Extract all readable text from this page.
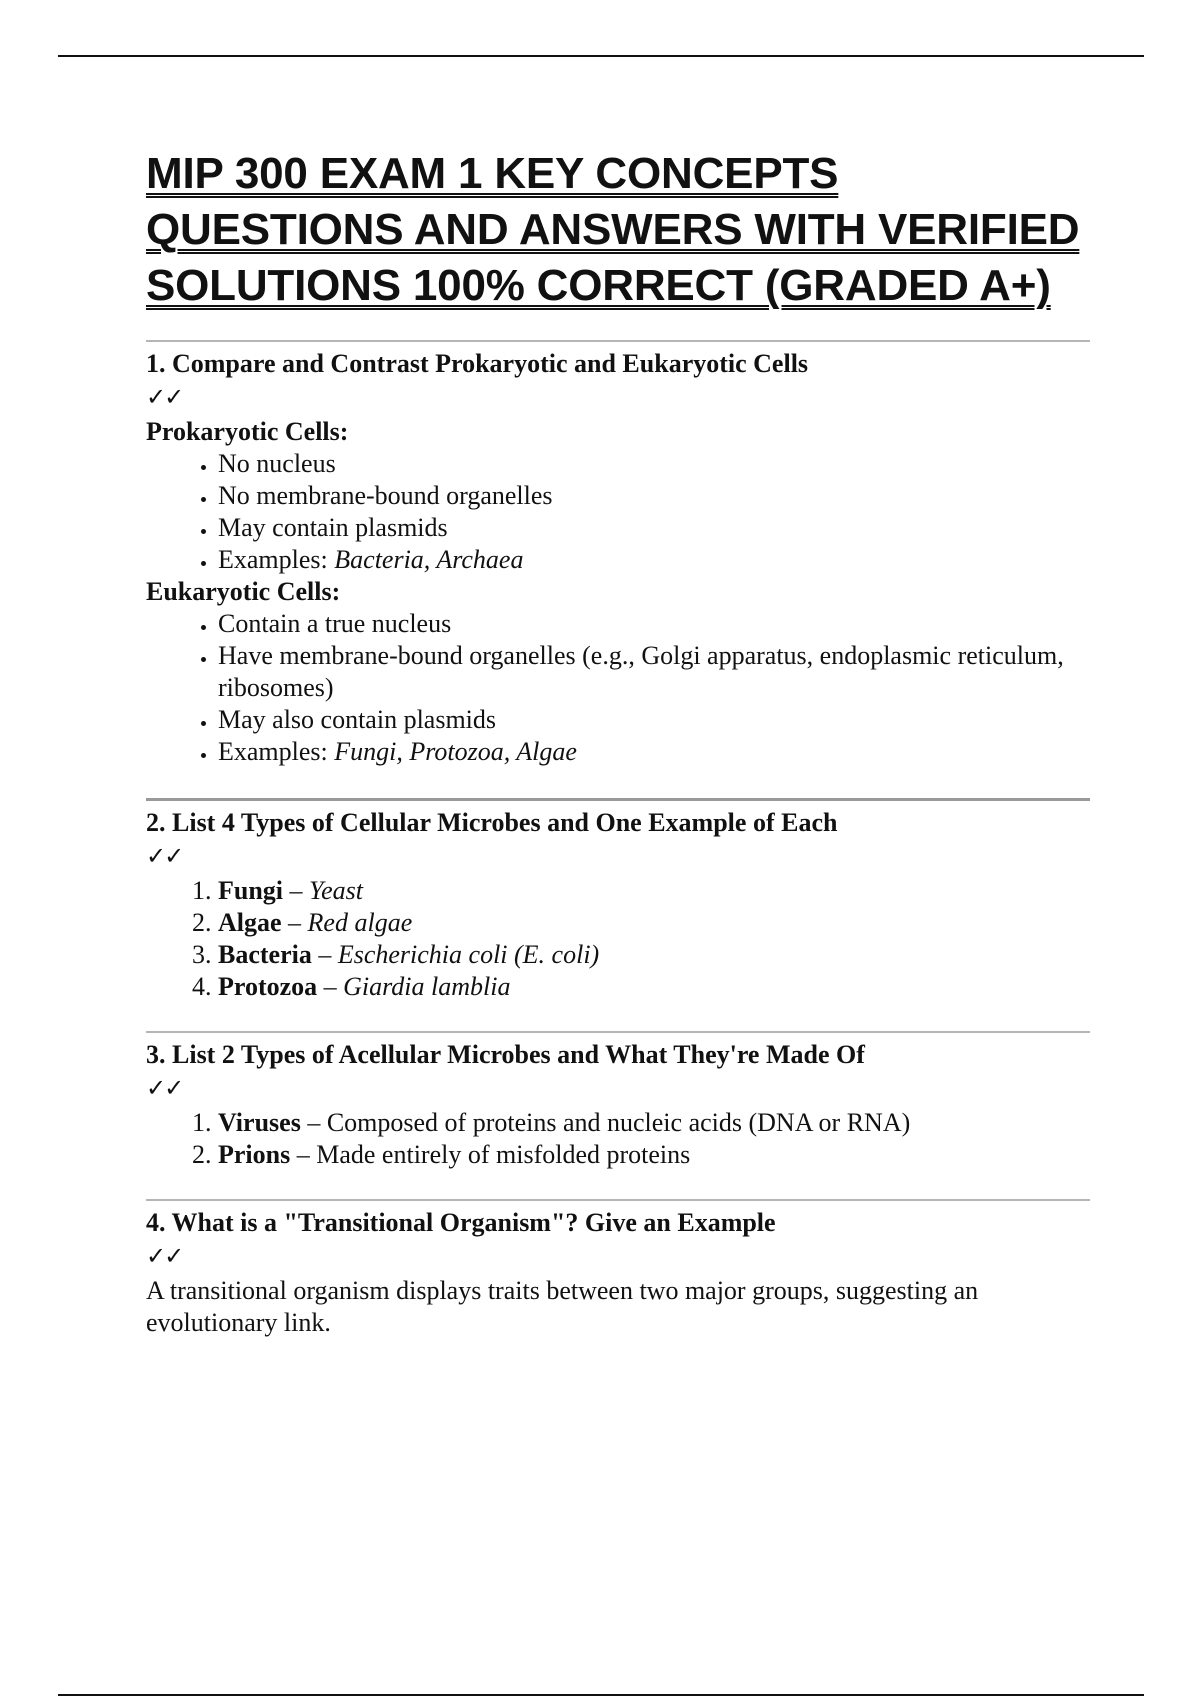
MIP 300 EXAM 1 KEY CONCEPTS QUESTIONS AND ANSWERS WITH VERIFIED SOLUTIONS 100% CORRECT (GRADED A+)
1. Compare and Contrast Prokaryotic and Eukaryotic Cells
✓✓
Prokaryotic Cells:
• No nucleus
• No membrane-bound organelles
• May contain plasmids
• Examples: Bacteria, Archaea
Eukaryotic Cells:
• Contain a true nucleus
• Have membrane-bound organelles (e.g., Golgi apparatus, endoplasmic reticulum, ribosomes)
• May also contain plasmids
• Examples: Fungi, Protozoa, Algae
2. List 4 Types of Cellular Microbes and One Example of Each
✓✓
1. Fungi – Yeast
2. Algae – Red algae
3. Bacteria – Escherichia coli (E. coli)
4. Protozoa – Giardia lamblia
3. List 2 Types of Acellular Microbes and What They're Made Of
✓✓
1. Viruses – Composed of proteins and nucleic acids (DNA or RNA)
2. Prions – Made entirely of misfolded proteins
4. What is a "Transitional Organism"? Give an Example
✓✓

A transitional organism displays traits between two major groups, suggesting an evolutionary link.
